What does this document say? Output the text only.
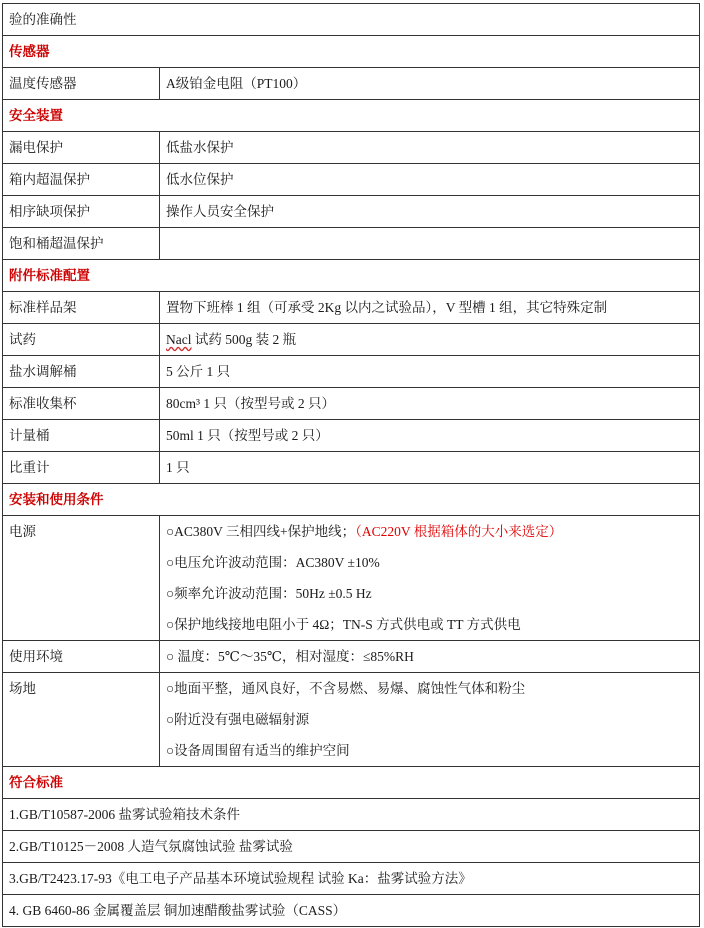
验的准确性	
传感器	
温度传感器	A级铂金电阻（PT100）
安全装置	
漏电保护	低盐水保护
箱内超温保护	低水位保护
相序缺项保护	操作人员安全保护
饱和桶超温保护	
附件标准配置	
标准样品架	置物下班棒 1 组（可承受 2Kg 以内之试验品），V 型槽 1 组，其它特殊定制
试药	Nacl 试药 500g 装 2 瓶
盐水调解桶	5 公斤 1 只
标准收集杯	80cm³ 1 只（按型号或 2 只）
计量桶	50ml 1 只（按型号或 2 只）
比重计	1 只
安装和使用条件	
电源	○AC380V 三相四线+保护地线；（AC220V 根据箱体的大小来选定）
○电压允许波动范围：AC380V ±10%
○频率允许波动范围：50Hz ±0.5 Hz
○保护地线接地电阻小于 4Ω；TN-S 方式供电或 TT 方式供电

使用环境	○ 温度：5℃～35℃，相对湿度：≤85%RH
场地	○地面平整，通风良好，不含易燃、易爆、腐蚀性气体和粉尘
○附近没有强电磁辐射源
○设备周围留有适当的维护空间

符合标准	
1.GB/T10587-2006 盐雾试验箱技术条件	
2.GB/T10125－2008 人造气氛腐蚀试验 盐雾试验	
3.GB/T2423.17-93《电工电子产品基本环境试验规程 试验 Ka：盐雾试验方法》	
4. GB 6460-86 金属覆盖层 铜加速醋酸盐雾试验（CASS）	
